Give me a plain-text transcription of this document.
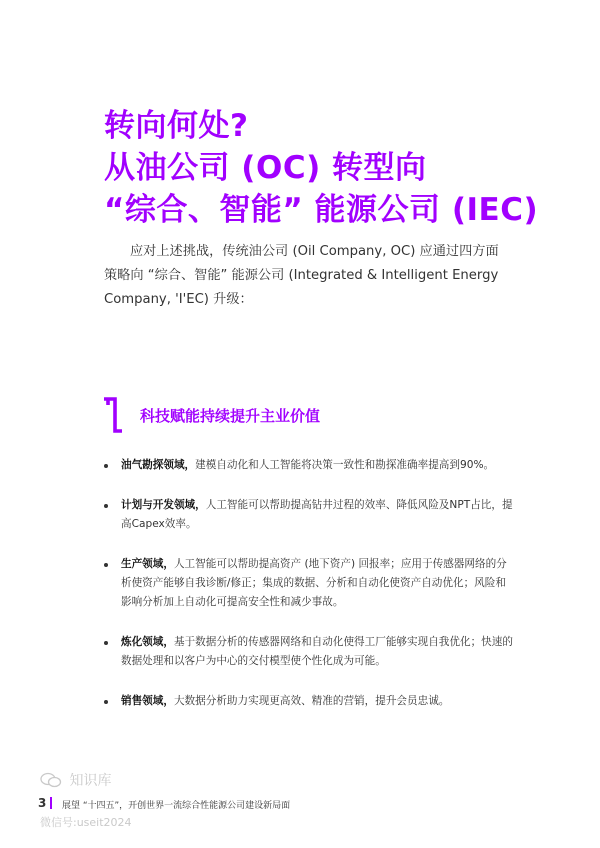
转向何处?
从油公司 (OC) 转型向
“综合、智能” 能源公司 (IEC)

应对上述挑战，传统油公司 (Oil Company, OC) 应通过四方面策略向 “综合、智能” 能源公司 (Integrated & Intelligent Energy Company, 'I'EC) 升级：

科技赋能持续提升主业价值
油气勘探领域，建模自动化和人工智能将决策一致性和勘探准确率提高到90%。
计划与开发领域，人工智能可以帮助提高钻井过程的效率、降低风险及NPT占比，提高Capex效率。
生产领域，人工智能可以帮助提高资产 (地下资产) 回报率；应用于传感器网络的分析使资产能够自我诊断/修正；集成的数据、分析和自动化使资产自动优化；风险和影响分析加上自动化可提高安全性和减少事故。
炼化领域，基于数据分析的传感器网络和自动化使得工厂能够实现自我优化；快速的数据处理和以客户为中心的交付模型使个性化成为可能。
销售领域，大数据分析助力实现更高效、精准的营销，提升会员忠诚。
知识库
3 展望 “十四五”，开创世界一流综合性能源公司建设新局面
微信号:useit2024
